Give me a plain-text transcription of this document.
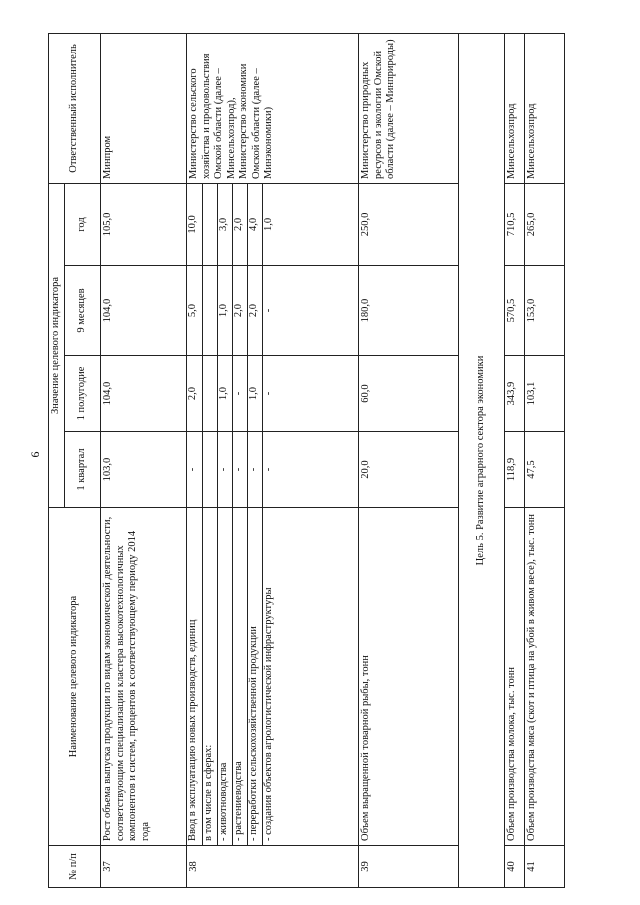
9
№ п/п	Наименование целевого индикатора	Значение целевого индикатора				Ответственный исполнитель
		1 квартал	1 полугодие	9 месяцев	год	
37	Рост объема выпуска продукции по видам экономической деятельности, соответствующим специализации кластера высокотехнологичных компонентов и систем, процентов к соответствующему периоду 2014 года	103,0	104,0	104,0	105,0	Минпром
38	Ввод в эксплуатацию новых производств, единиц	-	2,0	5,0	10,0	Министерство сельского хозяйства и продовольствия Омской области (далее – Минсельхозпрод), Министерство экономики Омской области (далее – Минэкономики)
	в том числе в сферах:					
	- животноводства	-	1,0	1,0	3,0	
	- растениеводства	-	-	2,0	2,0	
	- переработки сельскохозяйственной продукции	-	1,0	2,0	4,0	
	- создания объектов агрологистической инфраструктуры	-	-	-	1,0	
39	Объем выращенной товарной рыбы, тонн	20,0	60,0	180,0	250,0	Министерство природных ресурсов и экологии Омской области (далее – Минприроды)
Цель 5. Развитие аграрного сектора экономики						
40	Объем производства молока, тыс. тонн	118,9	343,9	570,5	710,5	Минсельхозпрод
41	Объем производства мяса (скот и птица на убой в живом весе), тыс. тонн	47,5	103,1	153,0	265,0	Минсельхозпрод
